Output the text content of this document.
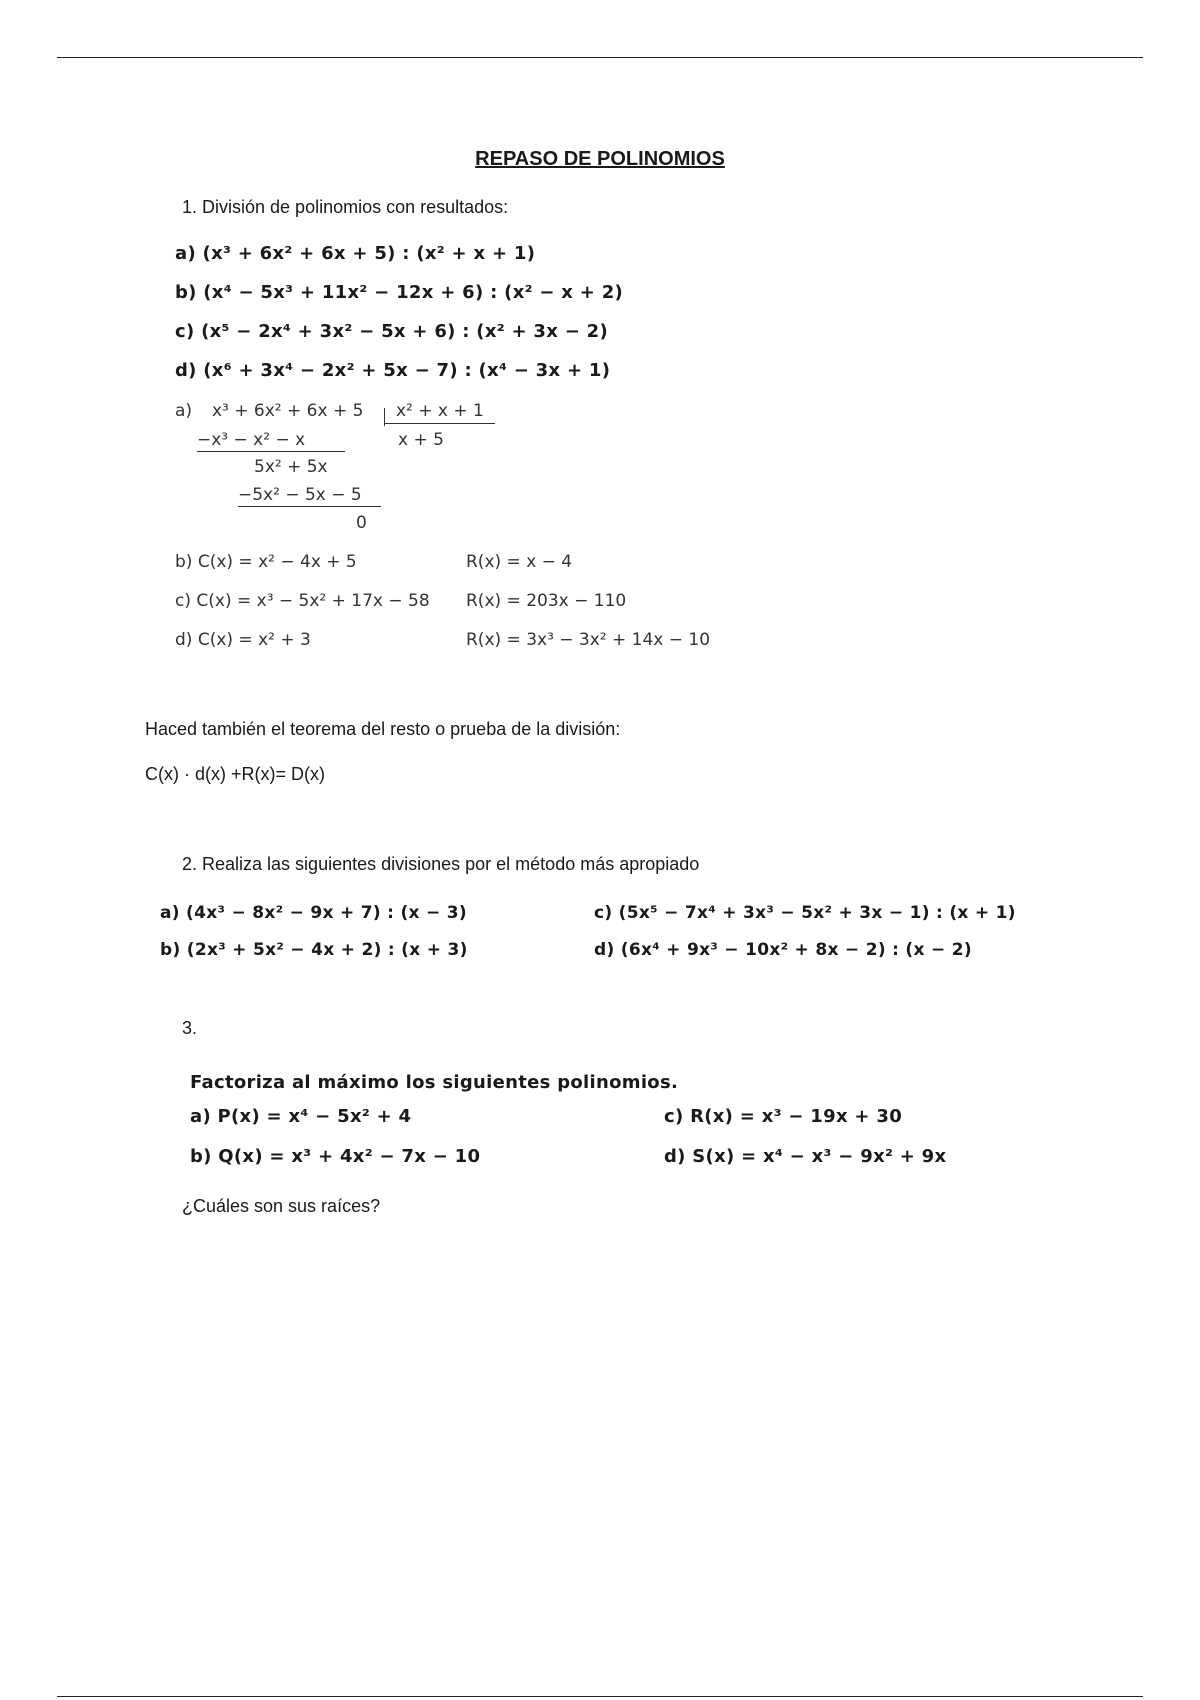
REPASO DE POLINOMIOS
1. División de polinomios con resultados:
a) (x³ + 6x² + 6x + 5) : (x² + x + 1)
b) (x⁴ − 5x³ + 11x² − 12x + 6) : (x² − x + 2)
c) (x⁵ − 2x⁴ + 3x² − 5x + 6) : (x² + 3x − 2)
d) (x⁶ + 3x⁴ − 2x² + 5x − 7) : (x⁴ − 3x + 1)
a) x³ + 6x² + 6x + 5 x² + x + 1
x + 5
−x³ − x² − x
5x² + 5x
−5x² − 5x − 5
0
b) C(x) = x² − 4x + 5	R(x) = x − 4
c) C(x) = x³ − 5x² + 17x − 58 R(x) = 203x − 110
d) C(x) = x² + 3	R(x) = 3x³ − 3x² + 14x − 10
Haced también el teorema del resto o prueba de la división:
C(x) · d(x) +R(x)= D(x)
2. Realiza las siguientes divisiones por el método más apropiado
a) (4x³ − 8x² − 9x + 7) : (x − 3)
b) (2x³ + 5x² − 4x + 2) : (x + 3)
c) (5x⁵ − 7x⁴ + 3x³ − 5x² + 3x − 1) : (x + 1)
d) (6x⁴ + 9x³ − 10x² + 8x − 2) : (x − 2)
3.
Factoriza al máximo los siguientes polinomios.
a) P(x) = x⁴ − 5x² + 4
b) Q(x) = x³ + 4x² − 7x − 10
c) R(x) = x³ − 19x + 30
d) S(x) = x⁴ − x³ − 9x² + 9x
¿Cuáles son sus raíces?
